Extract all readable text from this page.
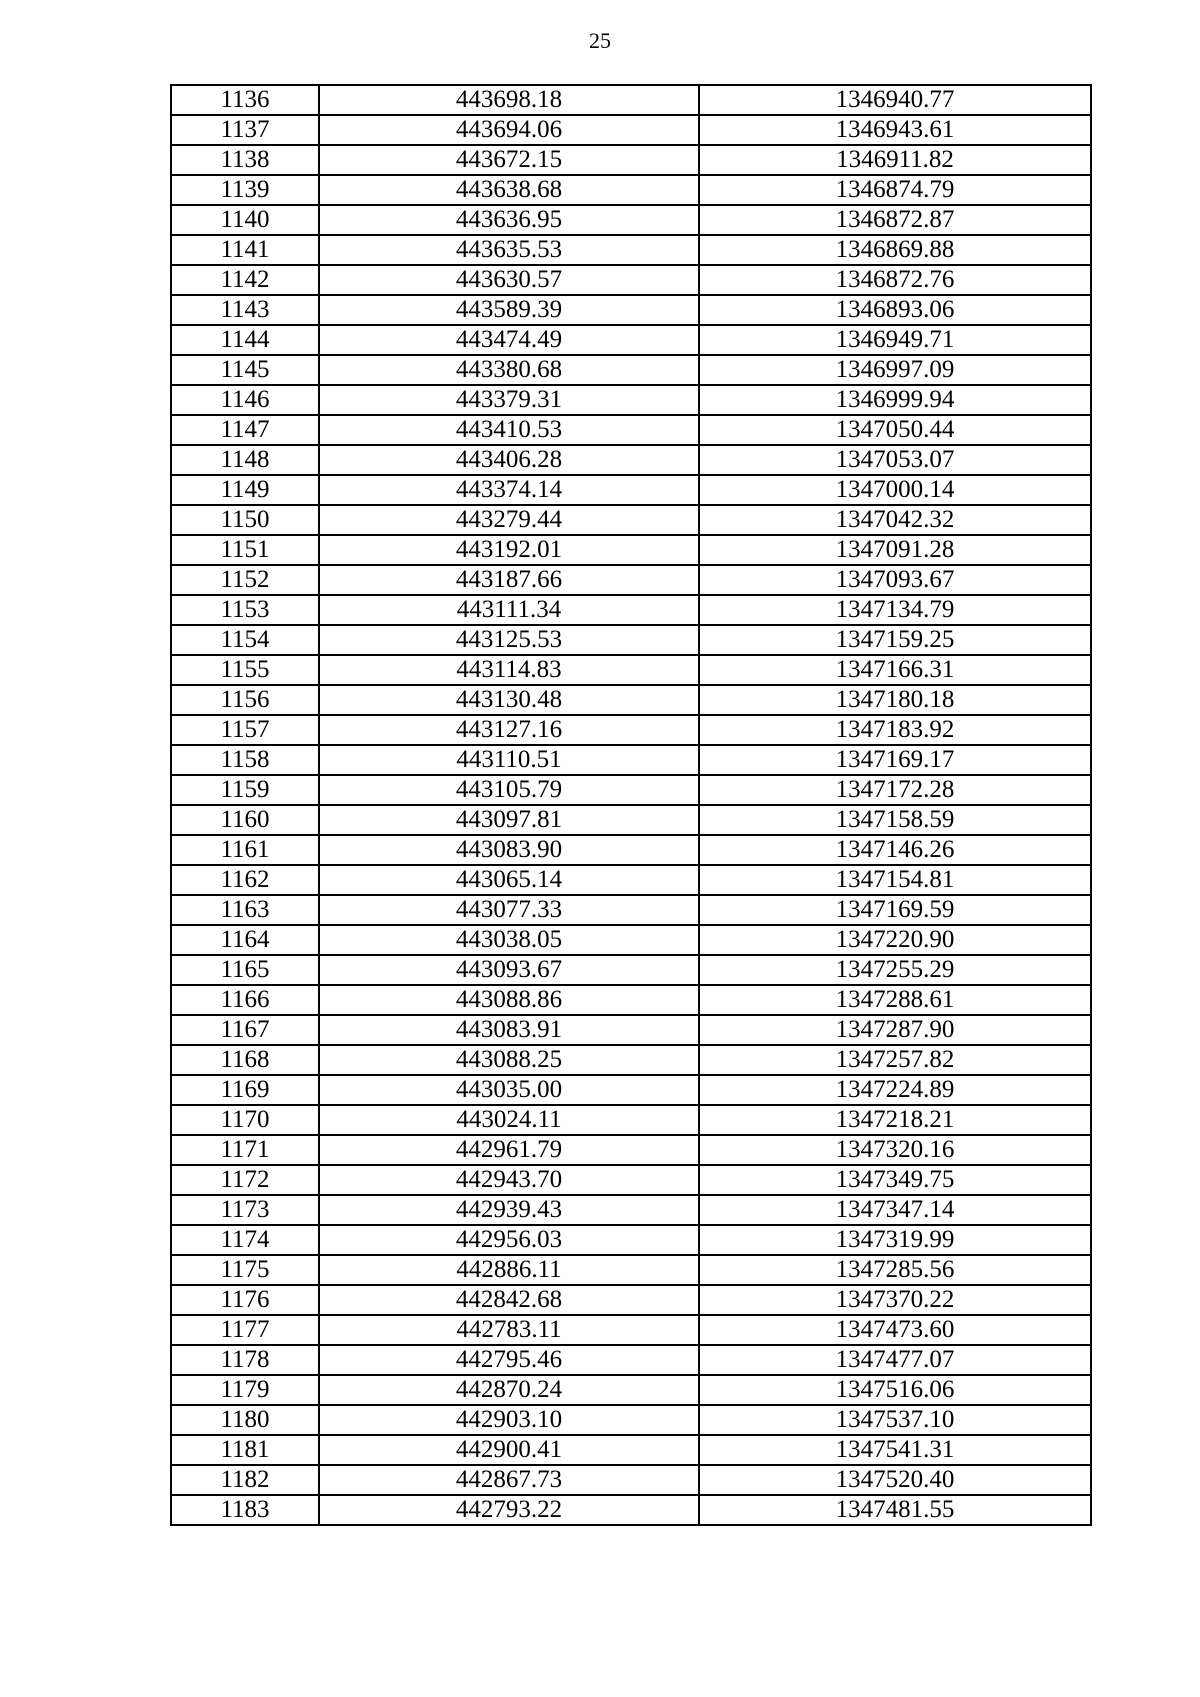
25
1136	443698.18	1346940.77
1137	443694.06	1346943.61
1138	443672.15	1346911.82
1139	443638.68	1346874.79
1140	443636.95	1346872.87
1141	443635.53	1346869.88
1142	443630.57	1346872.76
1143	443589.39	1346893.06
1144	443474.49	1346949.71
1145	443380.68	1346997.09
1146	443379.31	1346999.94
1147	443410.53	1347050.44
1148	443406.28	1347053.07
1149	443374.14	1347000.14
1150	443279.44	1347042.32
1151	443192.01	1347091.28
1152	443187.66	1347093.67
1153	443111.34	1347134.79
1154	443125.53	1347159.25
1155	443114.83	1347166.31
1156	443130.48	1347180.18
1157	443127.16	1347183.92
1158	443110.51	1347169.17
1159	443105.79	1347172.28
1160	443097.81	1347158.59
1161	443083.90	1347146.26
1162	443065.14	1347154.81
1163	443077.33	1347169.59
1164	443038.05	1347220.90
1165	443093.67	1347255.29
1166	443088.86	1347288.61
1167	443083.91	1347287.90
1168	443088.25	1347257.82
1169	443035.00	1347224.89
1170	443024.11	1347218.21
1171	442961.79	1347320.16
1172	442943.70	1347349.75
1173	442939.43	1347347.14
1174	442956.03	1347319.99
1175	442886.11	1347285.56
1176	442842.68	1347370.22
1177	442783.11	1347473.60
1178	442795.46	1347477.07
1179	442870.24	1347516.06
1180	442903.10	1347537.10
1181	442900.41	1347541.31
1182	442867.73	1347520.40
1183	442793.22	1347481.55
